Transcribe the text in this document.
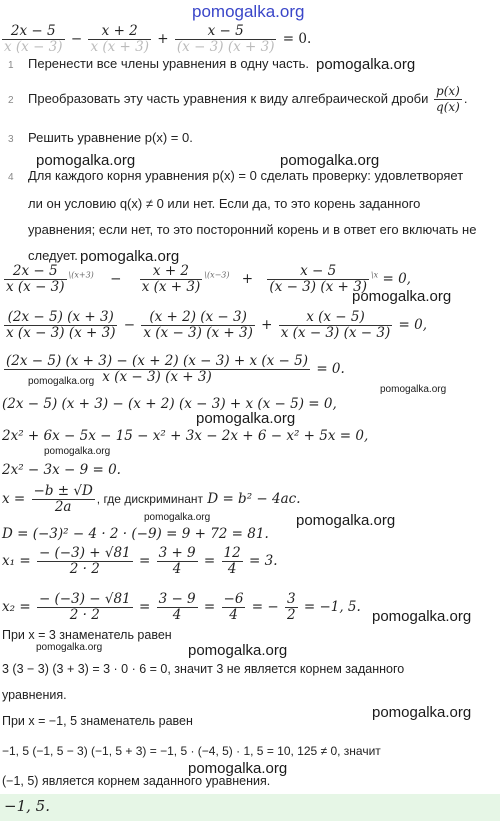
pomogalka.org
$\frac{2x - 5}{x (x - 3)} - \frac{x + 2}{x (x + 3)} + \frac{x - 5}{(x - 3) (x + 3)} = 0$.
1 Перенести все члены уравнения в одну часть. pomogalka.org
2 Преобразовать эту часть уравнения к виду алгебраической дроби $\frac{p(x)}{q(x)}$ .
3 Решить уравнение p(x) = 0.
pomogalka.org	pomogalka.org
4 Для каждого корня уравнения p(x) = 0 сделать проверку: удовлетворяет
ли он условию q(x) ≠ 0 или нет. Если да, то это корень заданного
уравнения; если нет, то это посторонний корень и в ответ его включать не
следует. pomogalka.org
$\frac{2x - 5}{x (x - 3)} ^{\backslash(x+3)} - \frac{x + 2}{x (x + 3)} ^{\backslash(x-3)} + \frac{x - 5}{(x - 3) (x + 3)} ^{\backslash x} = 0$,
pomogalka.org
$\frac{(2x - 5) (x + 3)}{x (x - 3) (x + 3)} - \frac{(x + 2) (x - 3)}{x (x - 3) (x + 3)} + \frac{x (x - 5)}{x (x - 3) (x - 3)} = 0$,
$\frac{(2x - 5) (x + 3) - (x + 2) (x - 3) + x (x - 5)}{x (x - 3) (x + 3)} = 0$.
pomogalka.org
pomogalka.org
(2x − 5) (x + 3) − (x + 2) (x − 3) + x (x − 5) = 0,
pomogalka.org
2x² + 6x − 5x − 15 − x² + 3x − 2x + 6 − x² + 5x = 0,
pomogalka.org
2x² − 3x − 9 = 0.
$x = \frac{-b \pm √D}{2a}$ , где дискриминант D = b² − 4ac.
pomogalka.org	pomogalka.org
D = (−3)² − 4 · 2 · (−9) = 9 + 72 = 81.
$x_1 = \frac{- (-3) + √81}{2 \cdot 2} = \frac{3 + 9}{4} = \frac{12}{4} = 3$.
$x_2 = \frac{- (-3) - √81}{2 \cdot 2} = \frac{3 - 9}{4} = \frac{-6}{4}$ = − $\frac{3}{2} = -1$, 5.
pomogalka.org
При x = 3 знаменатель равен
pomogalka.org	pomogalka.org
3 (3 − 3) (3 + 3) = 3 · 0 · 6 = 0, значит 3 не является корнем заданного
уравнения.
pomogalka.org
При x = −1, 5 знаменатель равен
−1, 5 (−1, 5 − 3) (−1, 5 + 3) = −1, 5 · (−4, 5) · 1, 5 = 10, 125 ≠ 0, значит
pomogalka.org
(−1, 5) является корнем заданного уравнения.
−1, 5.
